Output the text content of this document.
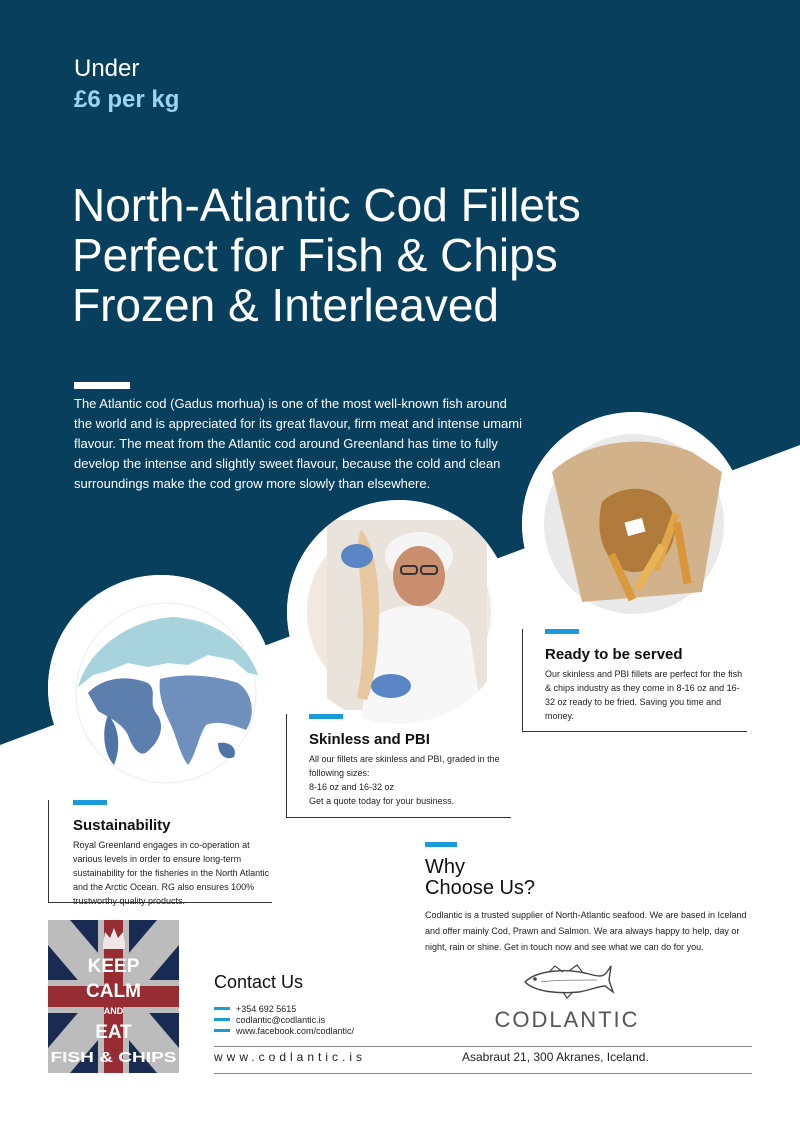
Under
£6 per kg
North-Atlantic Cod Fillets
Perfect for Fish & Chips
Frozen & Interleaved

The Atlantic cod (Gadus morhua) is one of the most well-known fish around the world and is appreciated for its great flavour, firm meat and intense umami flavour. The meat from the Atlantic cod around Greenland has time to fully develop the intense and slightly sweet flavour, because the cold and clean surroundings make the cod grow more slowly than elsewhere.

Ready to be served

Our skinless and PBI fillets are perfect for the fish & chips industry as they come in 8-16 oz and 16-32 oz ready to be fried. Saving you time and money.

Skinless and PBI

All our fillets are skinless and PBI, graded in the
following sizes:
8-16 oz and 16-32 oz
Get a quote today for your business.

Sustainability

Royal Greenland engages in co-operation at various levels in order to ensure long-term sustainability for the fisheries in the North Atlantic and the Arctic Ocean. RG also ensures 100% trustworthy quality products.

Why
Choose Us?

Codlantic is a trusted supplier of North-Atlantic seafood. We are based in Iceland and offer mainly Cod, Prawn and Salmon. We ara always happy to help, day or night, rain or shine. Get in touch now and see what we can do for you.

KEEP
CALM
AND
EAT
FISH & CHIPS
Contact Us
+354 692 5615
codlantic@codlantic.is
www.facebook.com/codlantic/	CODLANTIC
www.codlantic.is	Asabraut 21, 300 Akranes, Iceland.
